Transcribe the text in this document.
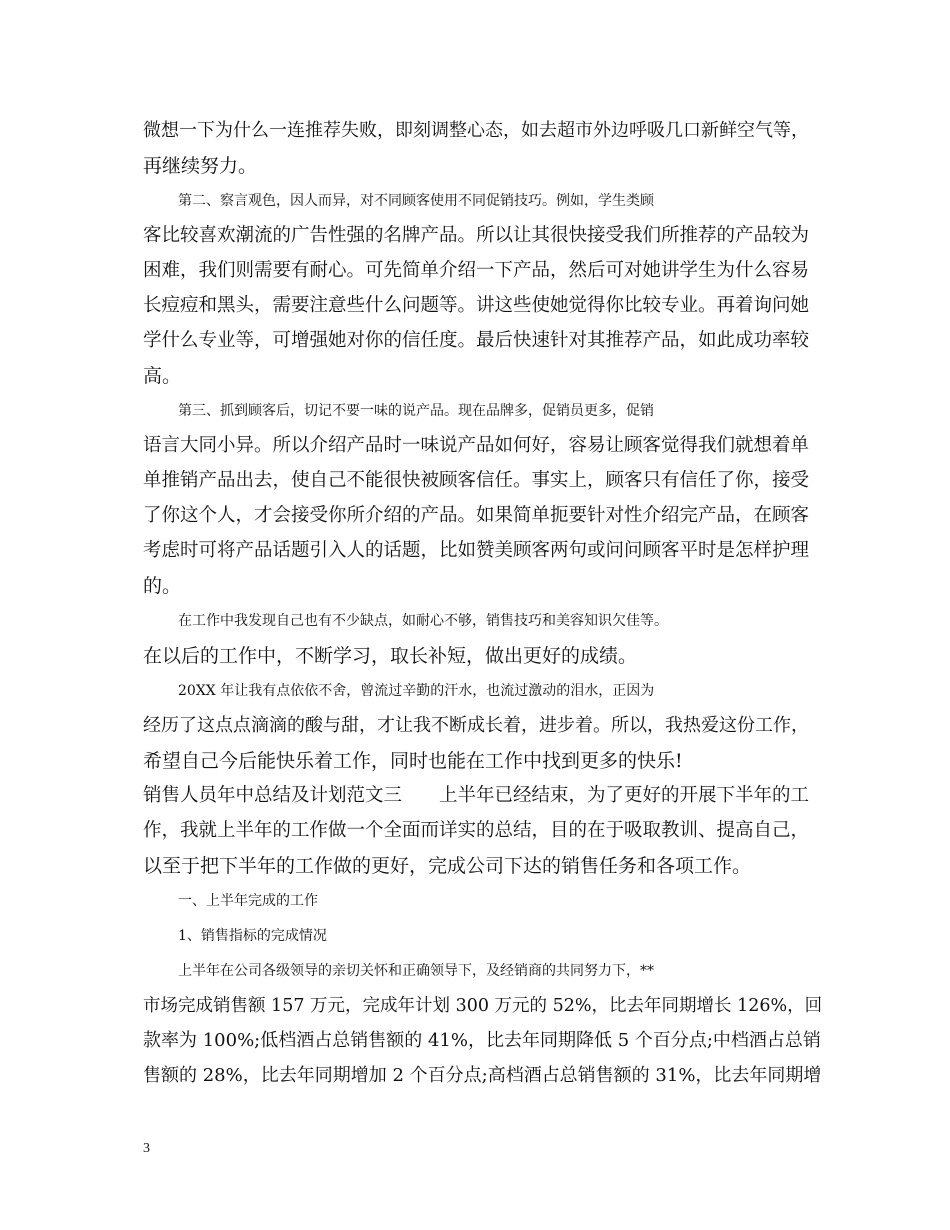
微想一下为什么一连推荐失败，即刻调整心态，如去超市外边呼吸几口新鲜空气等，
再继续努力。
第二、察言观色，因人而异，对不同顾客使用不同促销技巧。例如，学生类顾
客比较喜欢潮流的广告性强的名牌产品。所以让其很快接受我们所推荐的产品较为
困难，我们则需要有耐心。可先简单介绍一下产品，然后可对她讲学生为什么容易
长痘痘和黑头，需要注意些什么问题等。讲这些使她觉得你比较专业。再着询问她
学什么专业等，可增强她对你的信任度。最后快速针对其推荐产品，如此成功率较
高。
第三、抓到顾客后，切记不要一味的说产品。现在品牌多，促销员更多，促销
语言大同小异。所以介绍产品时一味说产品如何好，容易让顾客觉得我们就想着单
单推销产品出去，使自己不能很快被顾客信任。事实上，顾客只有信任了你，接受
了你这个人，才会接受你所介绍的产品。如果简单扼要针对性介绍完产品，在顾客
考虑时可将产品话题引入人的话题，比如赞美顾客两句或问问顾客平时是怎样护理
的。
在工作中我发现自己也有不少缺点，如耐心不够，销售技巧和美容知识欠佳等。
在以后的工作中，不断学习，取长补短，做出更好的成绩。
20XX 年让我有点依依不舍，曾流过辛勤的汗水，也流过激动的泪水，正因为
经历了这点点滴滴的酸与甜，才让我不断成长着，进步着。所以，我热爱这份工作，
希望自己今后能快乐着工作，同时也能在工作中找到更多的快乐!
销售人员年中总结及计划范文三　　上半年已经结束，为了更好的开展下半年的工
作，我就上半年的工作做一个全面而详实的总结，目的在于吸取教训、提高自己，
以至于把下半年的工作做的更好，完成公司下达的销售任务和各项工作。
一、上半年完成的工作
1、销售指标的完成情况
上半年在公司各级领导的亲切关怀和正确领导下，及经销商的共同努力下，**
市场完成销售额 157 万元，完成年计划 300 万元的 52%，比去年同期增长 126%，回
款率为 100%;低档酒占总销售额的 41%，比去年同期降低 5 个百分点;中档酒占总销
售额的 28%，比去年同期增加 2 个百分点;高档酒占总销售额的 31%，比去年同期增
3
